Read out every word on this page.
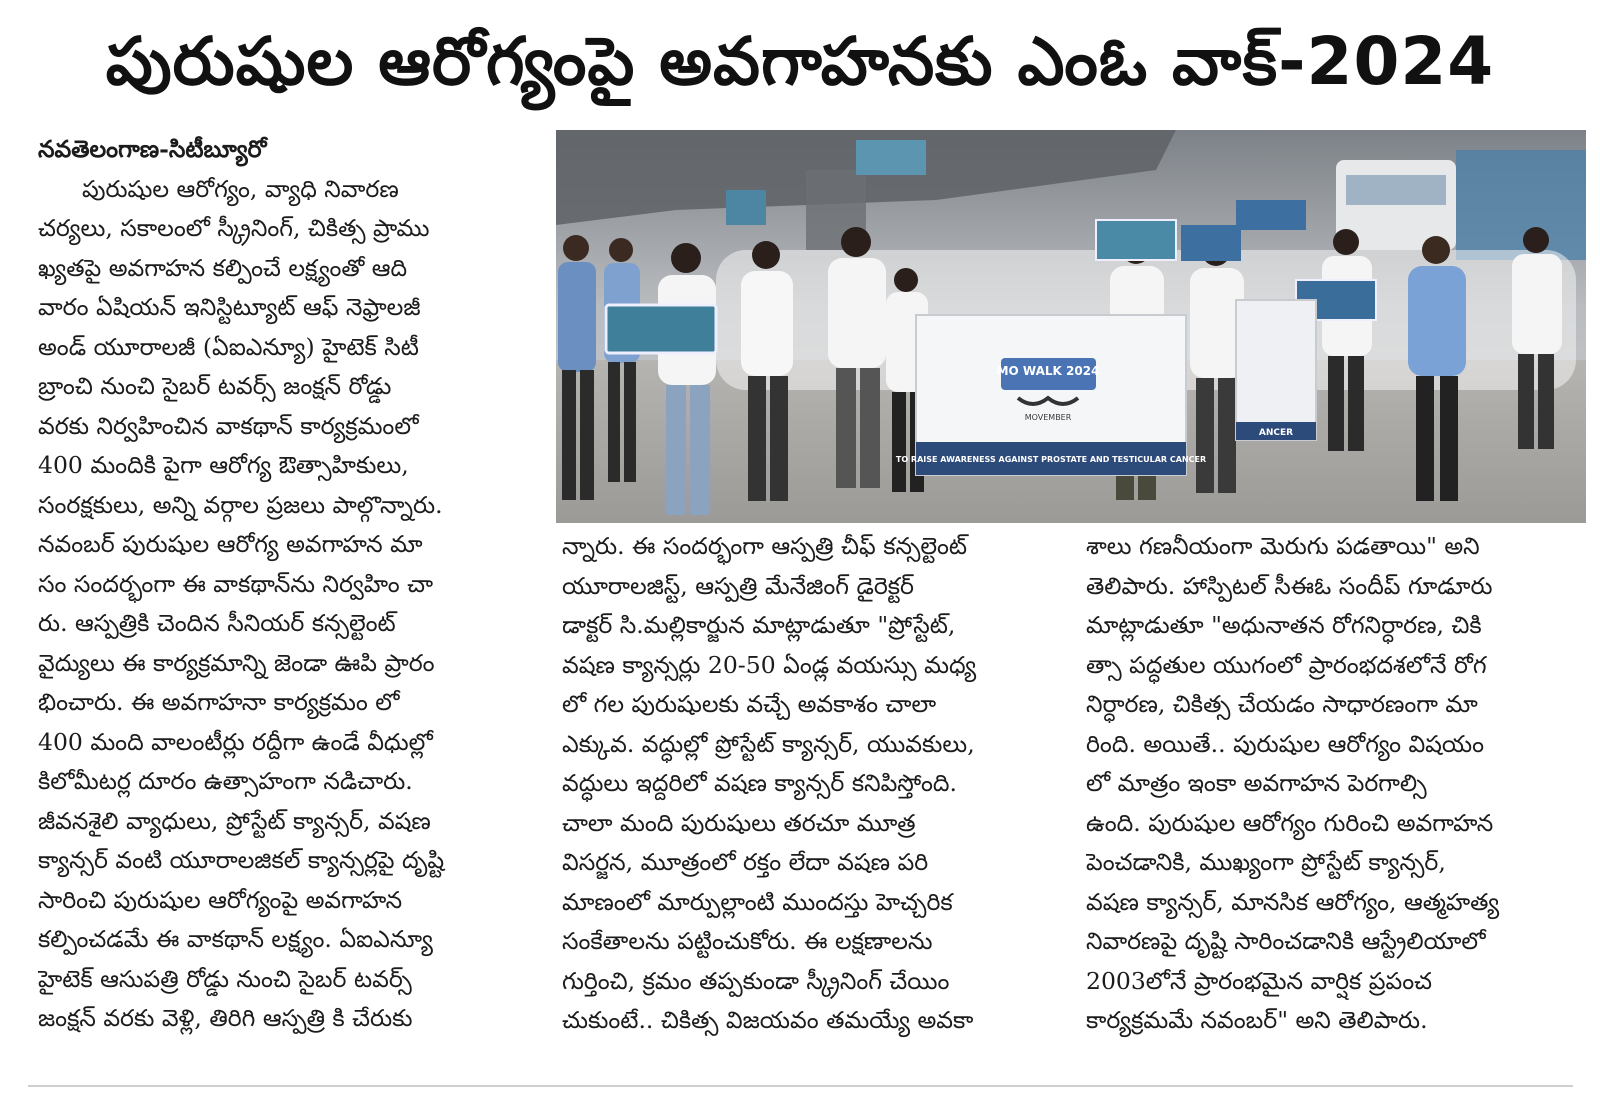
పురుషుల ఆరోగ్యంపై అవగాహనకు ఎంఓ వాక్-2024
నవతెలంగాణ-సిటీబ్యూరో
పురుషుల ఆరోగ్యం, వ్యాధి నివారణ
చర్యలు, సకాలంలో స్క్రీనింగ్, చికిత్స ప్రాము
ఖ్యతపై అవగాహన కల్పించే లక్ష్యంతో ఆది
వారం ఏషియన్ ఇనిస్టిట్యూట్ ఆఫ్ నెఫ్రాలజీ
అండ్ యూరాలజీ (ఏఐఎన్యూ) హైటెక్ సిటీ
బ్రాంచి నుంచి సైబర్ టవర్స్ జంక్షన్ రోడ్డు
వరకు నిర్వహించిన వాకథాన్ కార్యక్రమంలో
400 మందికి పైగా ఆరోగ్య ఔత్సాహికులు,
సంరక్షకులు, అన్ని వర్గాల ప్రజలు పాల్గొన్నారు.
నవంబర్ పురుషుల ఆరోగ్య అవగాహన మా
సం సందర్భంగా ఈ వాకథాన్‌ను నిర్వహిం చా
రు. ఆస్పత్రికి చెందిన సీనియర్ కన్సల్టెంట్
వైద్యులు ఈ కార్యక్రమాన్ని జెండా ఊపి ప్రారం
భించారు. ఈ అవగాహనా కార్యక్రమం లో
400 మంది వాలంటీర్లు రద్దీగా ఉండే వీధుల్లో
కిలోమీటర్ల దూరం ఉత్సాహంగా నడిచారు.
జీవనశైలి వ్యాధులు, ప్రోస్టేట్ క్యాన్సర్, వషణ
క్యాన్సర్ వంటి యూరాలజికల్ క్యాన్సర్లపై దృష్టి
సారించి పురుషుల ఆరోగ్యంపై అవగాహన
కల్పించడమే ఈ వాకథాన్ లక్ష్యం. ఏఐఎన్యూ
హైటెక్ ఆసుపత్రి రోడ్డు నుంచి సైబర్ టవర్స్
జంక్షన్ వరకు వెళ్లి, తిరిగి ఆస్పత్రి కి చేరుకు
MO WALK 2024
MOVEMBER
TO RAISE AWARENESS AGAINST PROSTATE AND TESTICULAR CANCER
ANCER
న్నారు. ఈ సందర్భంగా ఆస్పత్రి చీఫ్ కన్సల్టెంట్
యూరాలజిస్ట్, ఆస్పత్రి మేనేజింగ్ డైరెక్టర్
డాక్టర్ సి.మల్లికార్జున మాట్లాడుతూ "ప్రోస్టేట్,
వషణ క్యాన్సర్లు 20-50 ఏండ్ల వయస్సు మధ్య
లో గల పురుషులకు వచ్చే అవకాశం చాలా
ఎక్కువ. వద్ధుల్లో ప్రోస్టేట్ క్యాన్సర్, యువకులు,
వద్ధులు ఇద్దరిలో వషణ క్యాన్సర్ కనిపిస్తోంది.
చాలా మంది పురుషులు తరచూ మూత్ర
విసర్జన, మూత్రంలో రక్తం లేదా వషణ పరి
మాణంలో మార్పుల్లాంటి ముందస్తు హెచ్చరిక
సంకేతాలను పట్టించుకోరు. ఈ లక్షణాలను
గుర్తించి, క్రమం తప్పకుండా స్క్రీనింగ్ చేయిం
చుకుంటే.. చికిత్స విజయవం తమయ్యే అవకా
శాలు గణనీయంగా మెరుగు పడతాయి" అని
తెలిపారు. హాస్పిటల్ సీఈఓ సందీప్ గూడూరు
మాట్లాడుతూ "అధునాతన రోగనిర్ధారణ, చికి
త్సా పద్ధతుల యుగంలో ప్రారంభదశలోనే రోగ
నిర్ధారణ, చికిత్స చేయడం సాధారణంగా మా
రింది. అయితే.. పురుషుల ఆరోగ్యం విషయం
లో మాత్రం ఇంకా అవగాహన పెరగాల్సి
ఉంది. పురుషుల ఆరోగ్యం గురించి అవగాహన
పెంచడానికి, ముఖ్యంగా ప్రోస్టేట్ క్యాన్సర్,
వషణ క్యాన్సర్, మానసిక ఆరోగ్యం, ఆత్మహత్య
నివారణపై దృష్టి సారించడానికి ఆస్ట్రేలియాలో
2003లోనే ప్రారంభమైన వార్షిక ప్రపంచ
కార్యక్రమమే నవంబర్" అని తెలిపారు.
